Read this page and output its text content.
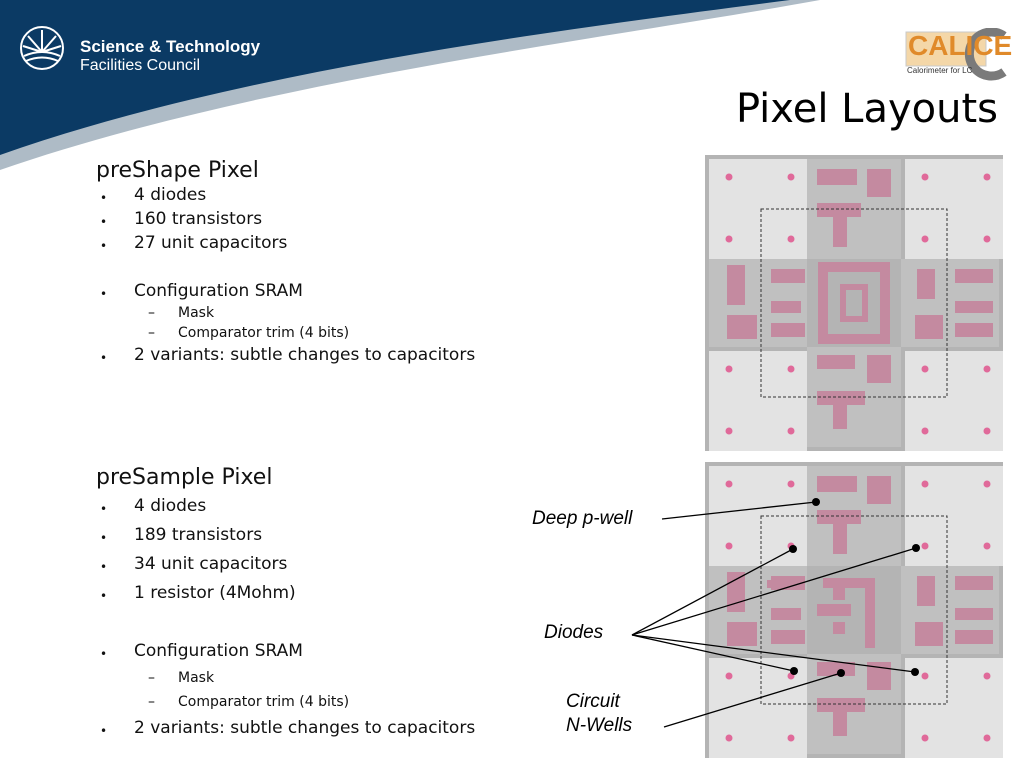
Science & Technology
Facilities Council
CALICE
Calorimeter for LC
Pixel Layouts
preShape Pixel
• 4 diodes
• 160 transistors
• 27 unit capacitors
• Configuration SRAM
– Mask
– Comparator trim (4 bits)
• 2 variants: subtle changes to capacitors
preSample Pixel
• 4 diodes
• 189 transistors
• 34 unit capacitors
• 1 resistor (4Mohm)
• Configuration SRAM
– Mask
– Comparator trim (4 bits)
• 2 variants: subtle changes to capacitors
Deep p-well
Diodes
Circuit
N-Wells
